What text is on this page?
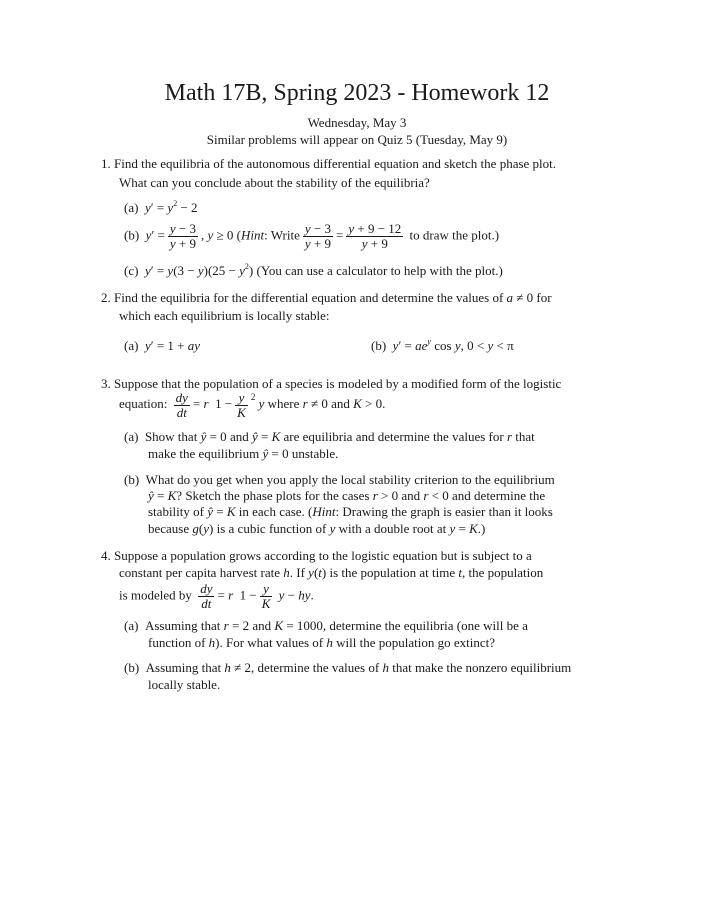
Math 17B, Spring 2023 - Homework 12
Wednesday, May 3
Similar problems will appear on Quiz 5 (Tuesday, May 9)
1. Find the equilibria of the autonomous differential equation and sketch the phase plot.
What can you conclude about the stability of the equilibria?
(a) $y' = y^2 - 2$
(b) $y' = \frac{y - 3}{y + 9}$ , y ≥ 0 (Hint: Write $\frac{y - 3}{y + 9} = \frac{y + 9 - 12}{y + 9}$ to draw the plot.)
(c) $y' = y(3 - y)(25 - y^2)$ (You can use a calculator to help with the plot.)
2. Find the equilibria for the differential equation and determine the values of a ≠ 0 for
which each equilibrium is locally stable:
(a) y′ = 1 + ay	(b) $y' = ae^y$ cos y, 0 < y < π
3. Suppose that the population of a species is modeled by a modified form of the logistic
equation: $\frac{dy}{dt} = r$  $1 - \frac{y}{K} ^2$ y where r ≠ 0 and K > 0.
(a) Show that ŷ = 0 and ŷ = K are equilibria and determine the values for r that
make the equilibrium ŷ = 0 unstable.
(b) What do you get when you apply the local stability criterion to the equilibrium
ŷ = K? Sketch the phase plots for the cases r > 0 and r < 0 and determine the
stability of ŷ = K in each case. (Hint: Drawing the graph is easier than it looks
because g(y) is a cubic function of y with a double root at y = K.)
4. Suppose a population grows according to the logistic equation but is subject to a
constant per capita harvest rate h. If y(t) is the population at time t, the population
is modeled by $\frac{dy}{dt} = r$  $1 - \frac{y}{K}$ y − hy.
(a) Assuming that r = 2 and K = 1000, determine the equilibria (one will be a
function of h). For what values of h will the population go extinct?
(b) Assuming that h ≠ 2, determine the values of h that make the nonzero equilibrium
locally stable.
